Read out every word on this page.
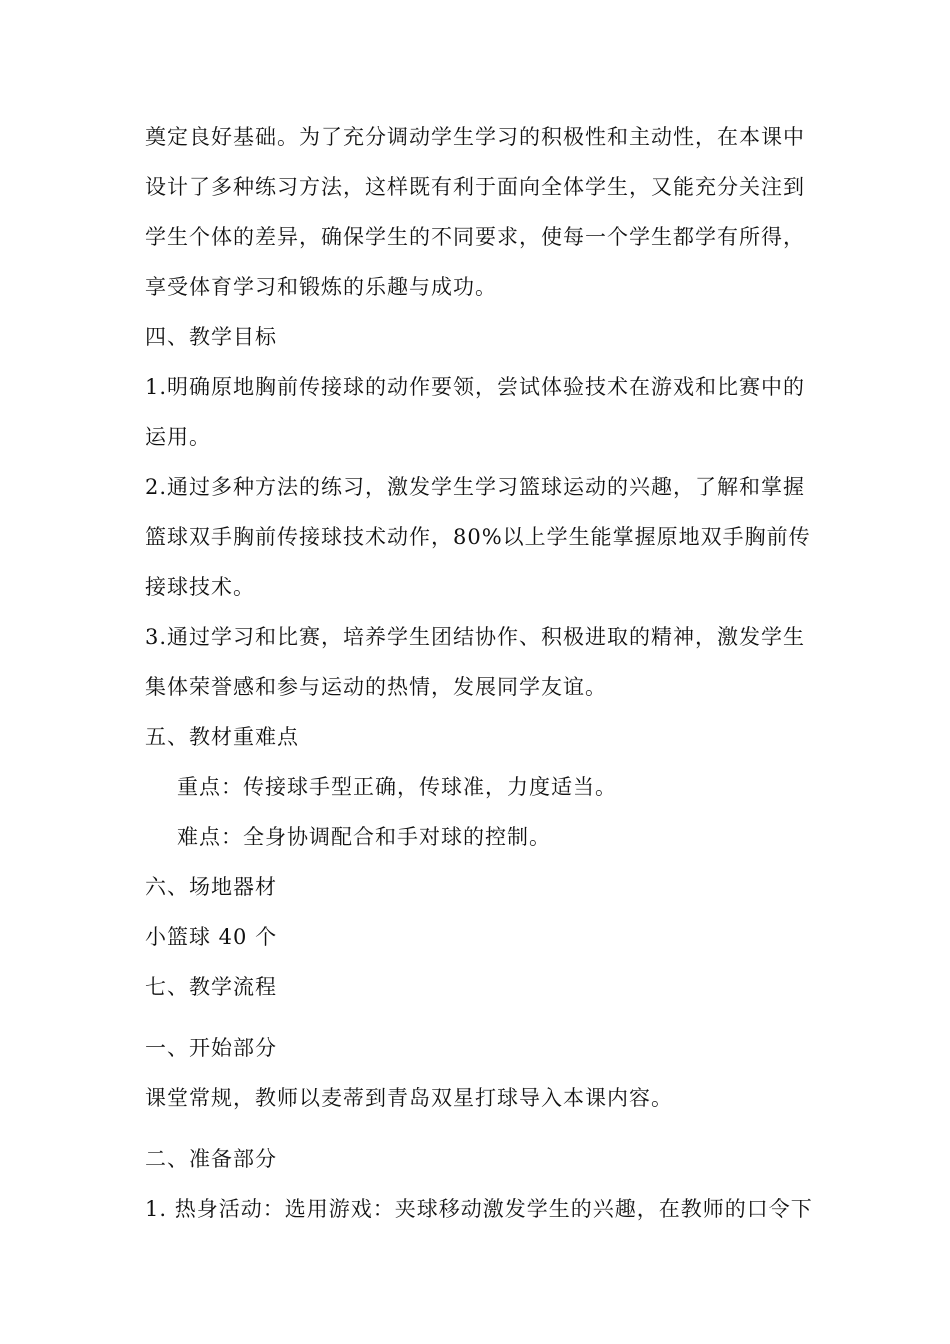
奠定良好基础。为了充分调动学生学习的积极性和主动性，在本课中
设计了多种练习方法，这样既有利于面向全体学生，又能充分关注到
学生个体的差异，确保学生的不同要求，使每一个学生都学有所得，
享受体育学习和锻炼的乐趣与成功。
四、教学目标
1.明确原地胸前传接球的动作要领，尝试体验技术在游戏和比赛中的
运用。
2.通过多种方法的练习，激发学生学习篮球运动的兴趣，了解和掌握
篮球双手胸前传接球技术动作，80%以上学生能掌握原地双手胸前传
接球技术。
3.通过学习和比赛，培养学生团结协作、积极进取的精神，激发学生
集体荣誉感和参与运动的热情，发展同学友谊。
五、教材重难点
重点：传接球手型正确，传球准，力度适当。
难点：全身协调配合和手对球的控制。
六、场地器材
小篮球 40 个
七、教学流程
一、开始部分
课堂常规，教师以麦蒂到青岛双星打球导入本课内容。
二、准备部分
1. 热身活动：选用游戏：夹球移动激发学生的兴趣，在教师的口令下
